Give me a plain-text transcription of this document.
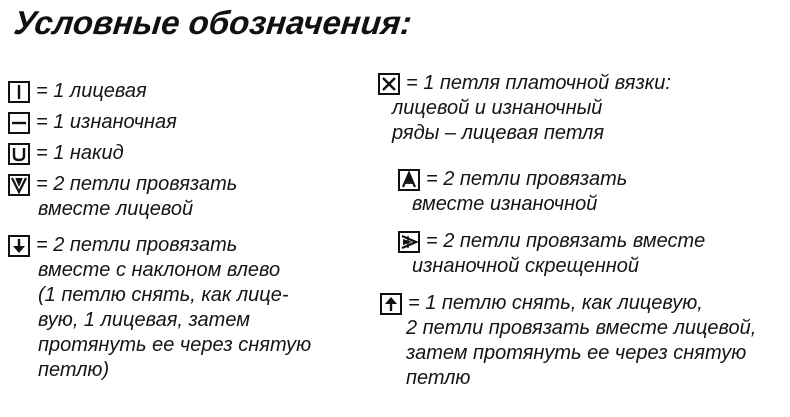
Условные обозначения:
= 1 лицевая
= 1 изнаночная
= 1 накид
= 2 петли провязать
вместе лицевой
= 2 петли провязать
вместе с наклоном влево
(1 петлю снять, как лице-
вую, 1 лицевая, затем
протянуть ее через снятую
петлю)
= 1 петля платочной вязки:
лицевой и изнаночный
ряды – лицевая петля
= 2 петли провязать
вместе изнаночной
= 2 петли провязать вместе
изнаночной скрещенной
= 1 петлю снять, как лицевую,
2 петли провязать вместе лицевой,
затем протянуть ее через снятую
петлю
